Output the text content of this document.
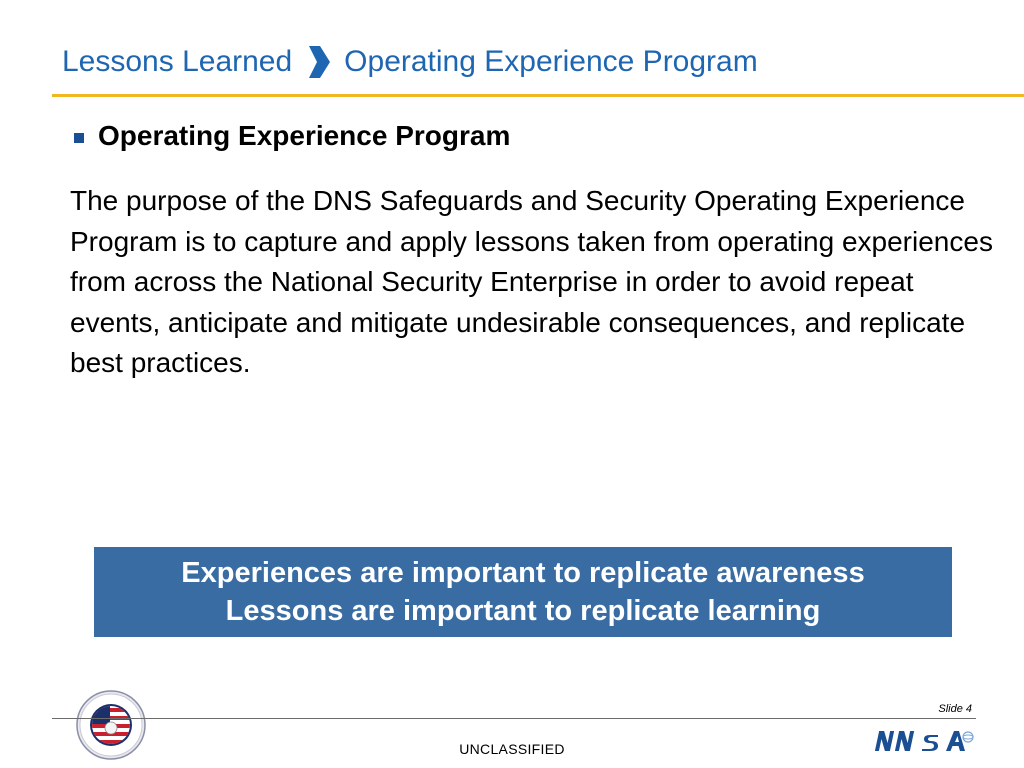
Lessons Learned Operating Experience Program
Operating Experience Program
The purpose of the DNS Safeguards and Security Operating Experience Program is to capture and apply lessons taken from operating experiences from across the National Security Enterprise in order to avoid repeat events, anticipate and mitigate undesirable consequences, and replicate best practices.
Experiences are important to replicate awareness
Lessons are important to replicate learning
Slide 4
UNCLASSIFIED
